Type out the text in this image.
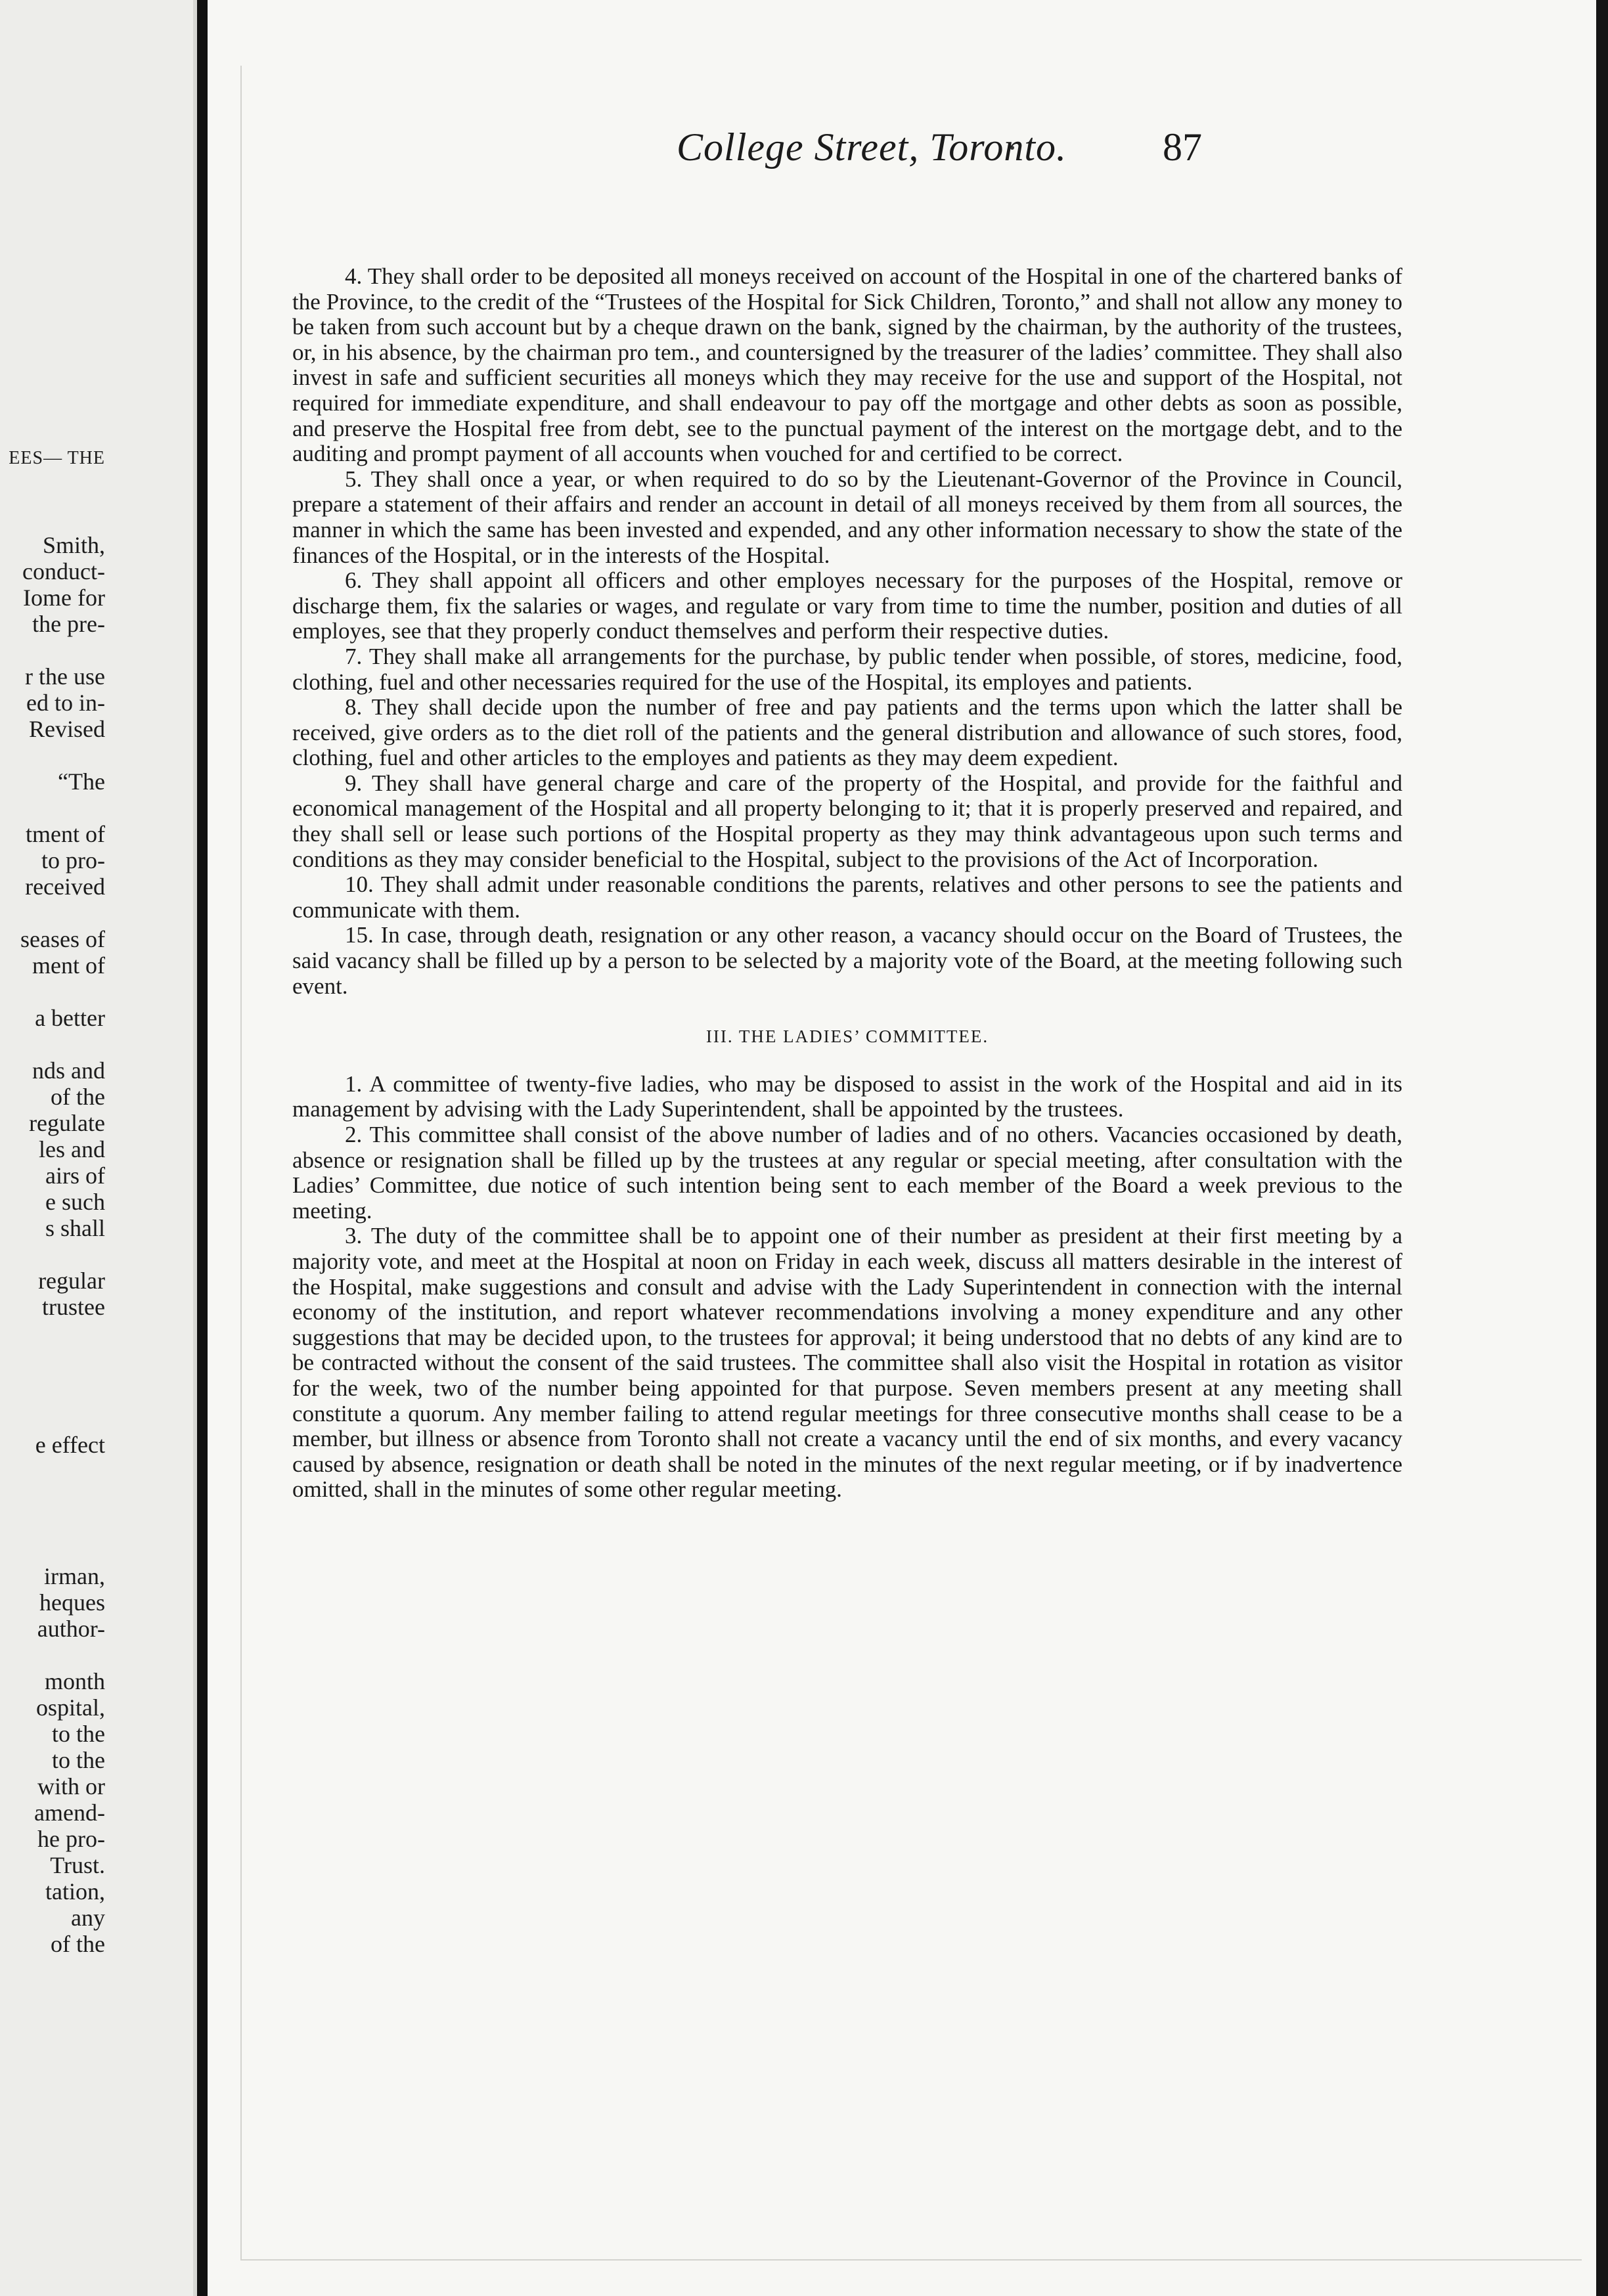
EES— THE
Smith,
conduct-
Iome for
the pre-
r the use
ed to in-
Revised
“The
tment of
to pro-
received
seases of
ment of
a better
nds and
of the
regulate
les and
airs of
e such
s shall
regular
trustee
e effect
irman,
heques
author-
month
ospital,
to the
to the
with or
amend-
he pro-
Trust.
tation,
any
of the
College Street, Toronto. 87

4. They shall order to be deposited all moneys received on account of the Hospital in one of the chartered banks of the Province, to the credit of the “Trustees of the Hospital for Sick Children, Toronto,” and shall not allow any money to be taken from such account but by a cheque drawn on the bank, signed by the chairman, by the authority of the trustees, or, in his absence, by the chairman pro tem., and countersigned by the treasurer of the ladies’ committee. They shall also invest in safe and sufficient securities all moneys which they may receive for the use and support of the Hospital, not required for immediate expenditure, and shall endeavour to pay off the mortgage and other debts as soon as possible, and preserve the Hospital free from debt, see to the punctual payment of the interest on the mortgage debt, and to the auditing and prompt payment of all accounts when vouched for and certified to be correct.

5. They shall once a year, or when required to do so by the Lieutenant-Governor of the Province in Council, prepare a statement of their affairs and render an account in detail of all moneys received by them from all sources, the manner in which the same has been invested and expended, and any other information necessary to show the state of the finances of the Hospital, or in the interests of the Hospital.

6. They shall appoint all officers and other employes necessary for the purposes of the Hospital, remove or discharge them, fix the salaries or wages, and regulate or vary from time to time the number, position and duties of all employes, see that they properly conduct themselves and perform their respective duties.

7. They shall make all arrangements for the purchase, by public tender when possible, of stores, medicine, food, clothing, fuel and other necessaries required for the use of the Hospital, its employes and patients.

8. They shall decide upon the number of free and pay patients and the terms upon which the latter shall be received, give orders as to the diet roll of the patients and the general distribution and allowance of such stores, food, clothing, fuel and other articles to the employes and patients as they may deem expedient.

9. They shall have general charge and care of the property of the Hospital, and provide for the faithful and economical management of the Hospital and all property belonging to it; that it is properly preserved and repaired, and they shall sell or lease such portions of the Hospital property as they may think advantageous upon such terms and conditions as they may consider beneficial to the Hospital, subject to the provisions of the Act of Incorporation.

10. They shall admit under reasonable conditions the parents, relatives and other persons to see the patients and communicate with them.

15. In case, through death, resignation or any other reason, a vacancy should occur on the Board of Trustees, the said vacancy shall be filled up by a person to be selected by a majority vote of the Board, at the meeting following such event.

III. THE LADIES’ COMMITTEE.

1. A committee of twenty-five ladies, who may be disposed to assist in the work of the Hospital and aid in its management by advising with the Lady Superintendent, shall be appointed by the trustees.

2. This committee shall consist of the above number of ladies and of no others. Vacancies occasioned by death, absence or resignation shall be filled up by the trustees at any regular or special meeting, after consultation with the Ladies’ Committee, due notice of such intention being sent to each member of the Board a week previous to the meeting.

3. The duty of the committee shall be to appoint one of their number as president at their first meeting by a majority vote, and meet at the Hospital at noon on Friday in each week, discuss all matters desirable in the interest of the Hospital, make suggestions and consult and advise with the Lady Superintendent in connection with the internal economy of the institution, and report whatever recommendations involving a money expenditure and any other suggestions that may be decided upon, to the trustees for approval; it being understood that no debts of any kind are to be contracted without the consent of the said trustees. The committee shall also visit the Hospital in rotation as visitor for the week, two of the number being appointed for that purpose. Seven members present at any meeting shall constitute a quorum. Any member failing to attend regular meetings for three consecutive months shall cease to be a member, but illness or absence from Toronto shall not create a vacancy until the end of six months, and every vacancy caused by absence, resignation or death shall be noted in the minutes of the next regular meeting, or if by inadvertence omitted, shall in the minutes of some other regular meeting.
